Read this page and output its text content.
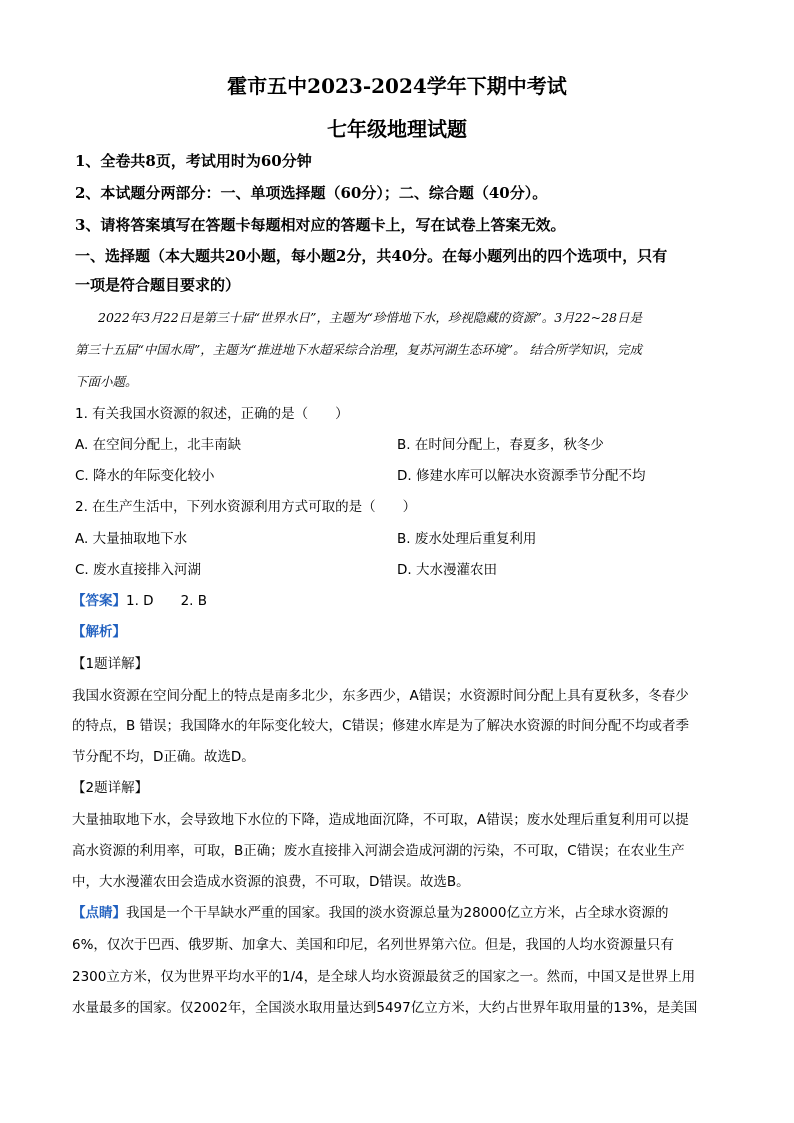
霍市五中2023-2024学年下期中考试
七年级地理试题
1、全卷共8页，考试用时为60分钟
2、本试题分两部分：一、单项选择题（60分）；二、综合题（40分）。
3、请将答案填写在答题卡每题相对应的答题卡上，写在试卷上答案无效。
一、选择题（本大题共20小题，每小题2分，共40分。在每小题列出的四个选项中，只有
一项是符合题目要求的）
2022年3月22日是第三十届“世界水日”，主题为“珍惜地下水，珍视隐藏的资源”。3月22~28日是
第三十五届“中国水周”，主题为“推进地下水超采综合治理，复苏河湖生态环境”。 结合所学知识，完成
下面小题。
1. 有关我国水资源的叙述，正确的是（　　）
A. 在空间分配上，北丰南缺	B. 在时间分配上，春夏多，秋冬少
C. 降水的年际变化较小	D. 修建水库可以解决水资源季节分配不均
2. 在生产生活中，下列水资源利用方式可取的是（　　）
A. 大量抽取地下水	B. 废水处理后重复利用
C. 废水直接排入河湖	D. 大水漫灌农田
【答案】1. D　　2. B
【解析】
【1题详解】
我国水资源在空间分配上的特点是南多北少，东多西少，A错误；水资源时间分配上具有夏秋多，冬春少
的特点，B 错误；我国降水的年际变化较大，C错误；修建水库是为了解决水资源的时间分配不均或者季
节分配不均，D正确。故选D。
【2题详解】
大量抽取地下水，会导致地下水位的下降，造成地面沉降，不可取，A错误；废水处理后重复利用可以提
高水资源的利用率，可取，B正确；废水直接排入河湖会造成河湖的污染，不可取，C错误；在农业生产
中，大水漫灌农田会造成水资源的浪费，不可取，D错误。故选B。
【点睛】我国是一个干旱缺水严重的国家。我国的淡水资源总量为28000亿立方米，占全球水资源的
6%，仅次于巴西、俄罗斯、加拿大、美国和印尼，名列世界第六位。但是，我国的人均水资源量只有
2300立方米，仅为世界平均水平的1/4，是全球人均水资源最贫乏的国家之一。然而，中国又是世界上用
水量最多的国家。仅2002年，全国淡水取用量达到5497亿立方米，大约占世界年取用量的13%，是美国
